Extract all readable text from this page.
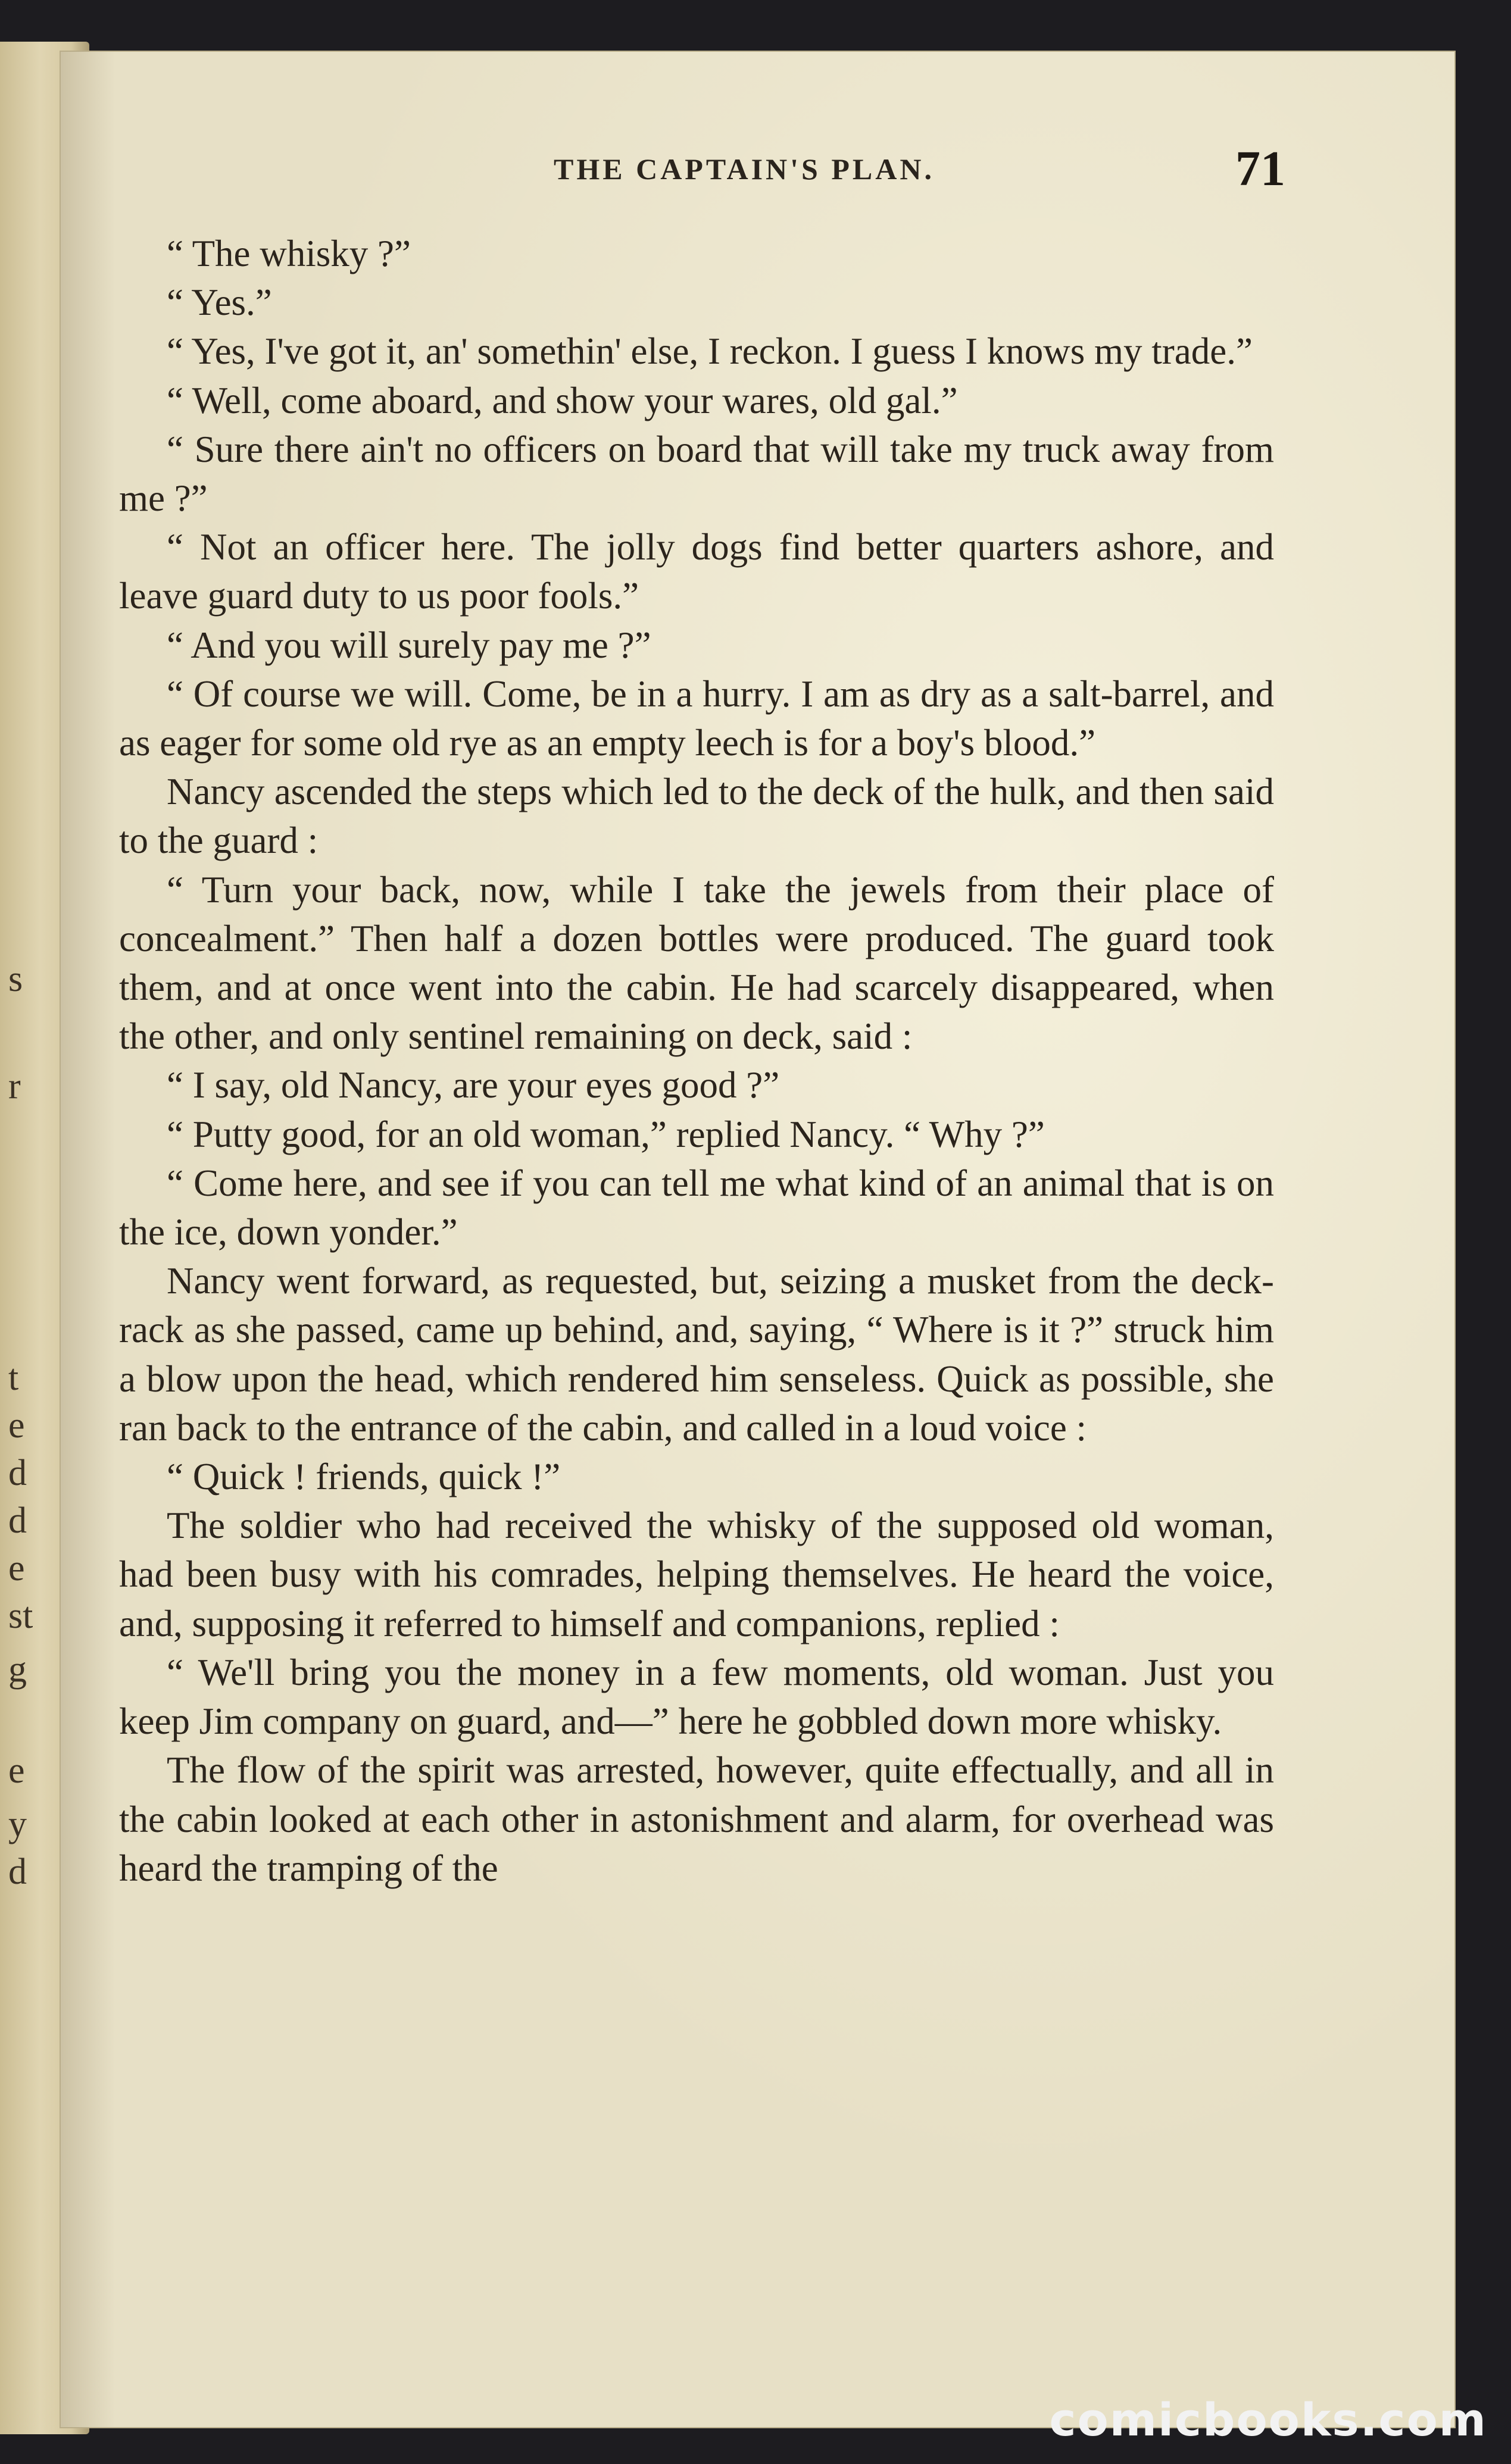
s
r
t
e
d
d
e
st
g
e
y
d
THE CAPTAIN'S PLAN.	71

“ The whisky ?”

“ Yes.”

“ Yes, I've got it, an' somethin' else, I reckon. I guess I knows my trade.”

“ Well, come aboard, and show your wares, old gal.”

“ Sure there ain't no officers on board that will take my truck away from me ?”

“ Not an officer here. The jolly dogs find better quarters ashore, and leave guard duty to us poor fools.”

“ And you will surely pay me ?”

“ Of course we will. Come, be in a hurry. I am as dry as a salt-barrel, and as eager for some old rye as an empty leech is for a boy's blood.”

Nancy ascended the steps which led to the deck of the hulk, and then said to the guard :

“ Turn your back, now, while I take the jewels from their place of concealment.” Then half a dozen bottles were produced. The guard took them, and at once went into the cabin. He had scarcely disappeared, when the other, and only sentinel remaining on deck, said :

“ I say, old Nancy, are your eyes good ?”

“ Putty good, for an old woman,” replied Nancy. “ Why ?”

“ Come here, and see if you can tell me what kind of an animal that is on the ice, down yonder.”

Nancy went forward, as requested, but, seizing a musket from the deck-rack as she passed, came up behind, and, saying, “ Where is it ?” struck him a blow upon the head, which rendered him senseless. Quick as possible, she ran back to the entrance of the cabin, and called in a loud voice :

“ Quick ! friends, quick !”

The soldier who had received the whisky of the supposed old woman, had been busy with his comrades, helping themselves. He heard the voice, and, supposing it referred to himself and companions, replied :

“ We'll bring you the money in a few moments, old woman. Just you keep Jim company on guard, and—” here he gobbled down more whisky.

The flow of the spirit was arrested, however, quite effectually, and all in the cabin looked at each other in astonishment and alarm, for overhead was heard the tramping of the

comicbooks.com
